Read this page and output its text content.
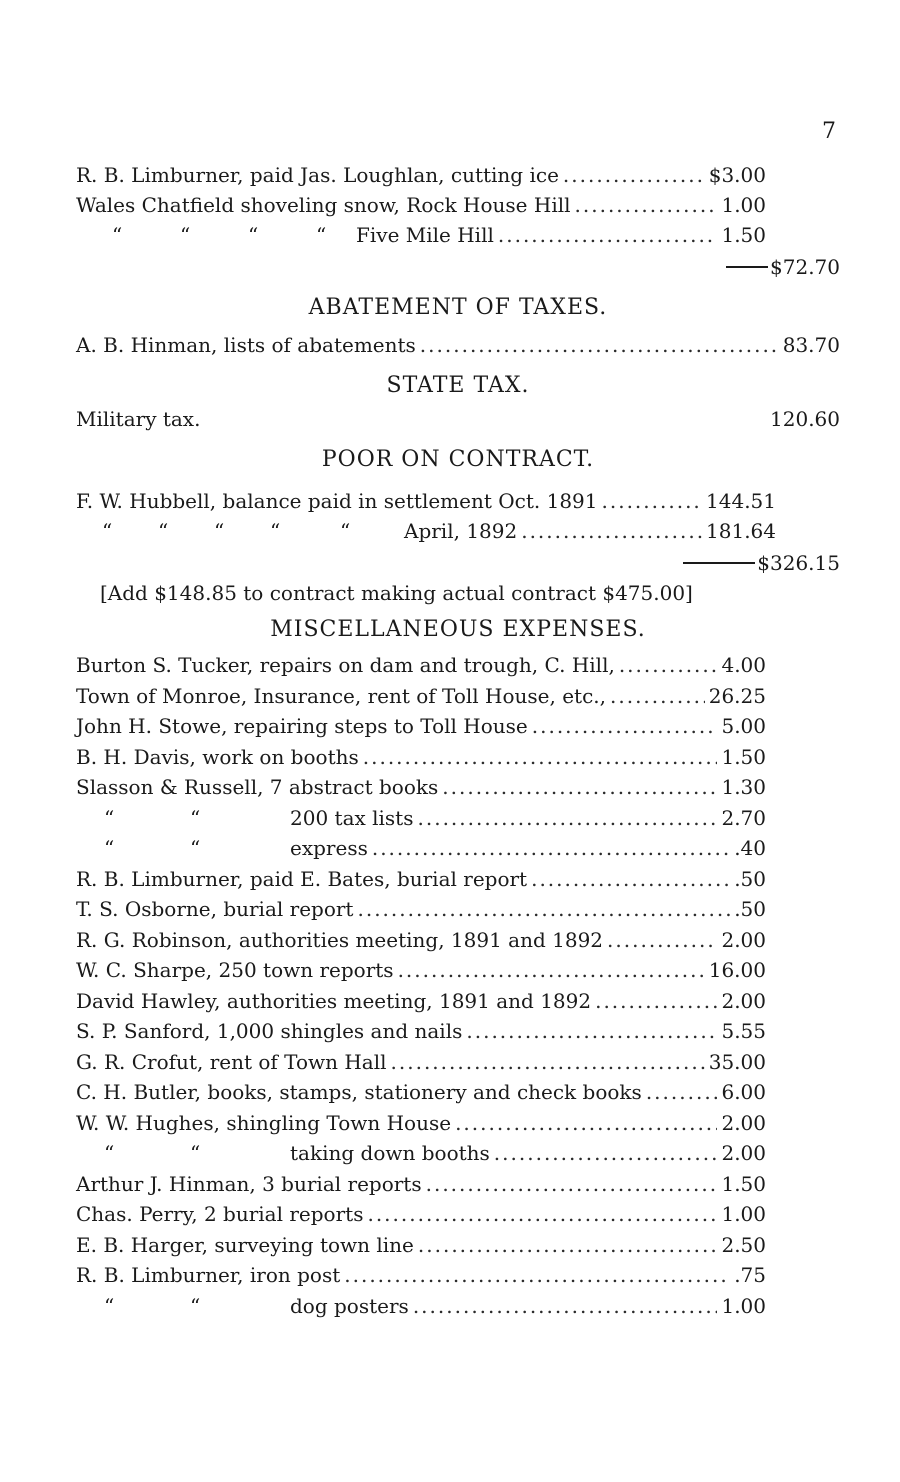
7
R. B. Limburner, paid Jas. Loughlan, cutting ice .....	$3.00
Wales Chatfield shoveling snow, Rock House Hill .....	1.00
“	“	“	“ Five Mile Hill .....	1.50
$72.70
ABATEMENT OF TAXES.
A. B. Hinman, lists of abatements .....	83.70
STATE TAX.
Military tax.	120.60
POOR ON CONTRACT.
F. W. Hubbell, balance paid in settlement Oct. 1891 .....	144.51
“ “ “ “	“	April, 1892 .....	181.64
$326.15
[Add $148.85 to contract making actual contract $475.00]
MISCELLANEOUS EXPENSES.
Burton S. Tucker, repairs on dam and trough, C. Hill, .....	4.00
Town of Monroe, Insurance, rent of Toll House, etc., .....	26.25
John H. Stowe, repairing steps to Toll House .....	5.00
B. H. Davis, work on booths .....	1.50
Slasson & Russell, 7 abstract books .....	1.30
“	“	200 tax lists .....	2.70
“	“	express .....	.40
R. B. Limburner, paid E. Bates, burial report .....	.50
T. S. Osborne, burial report .....	.50
R. G. Robinson, authorities meeting, 1891 and 1892 .....	2.00
W. C. Sharpe, 250 town reports .....	16.00
David Hawley, authorities meeting, 1891 and 1892 .....	2.00
S. P. Sanford, 1,000 shingles and nails .....	5.55
G. R. Crofut, rent of Town Hall .....	35.00
C. H. Butler, books, stamps, stationery and check books .....	6.00
W. W. Hughes, shingling Town House .....	2.00
“	“	taking down booths .....	2.00
Arthur J. Hinman, 3 burial reports .....	1.50
Chas. Perry, 2 burial reports .....	1.00
E. B. Harger, surveying town line .....	2.50
R. B. Limburner, iron post .....	.75
“	“	dog posters .....	1.00
